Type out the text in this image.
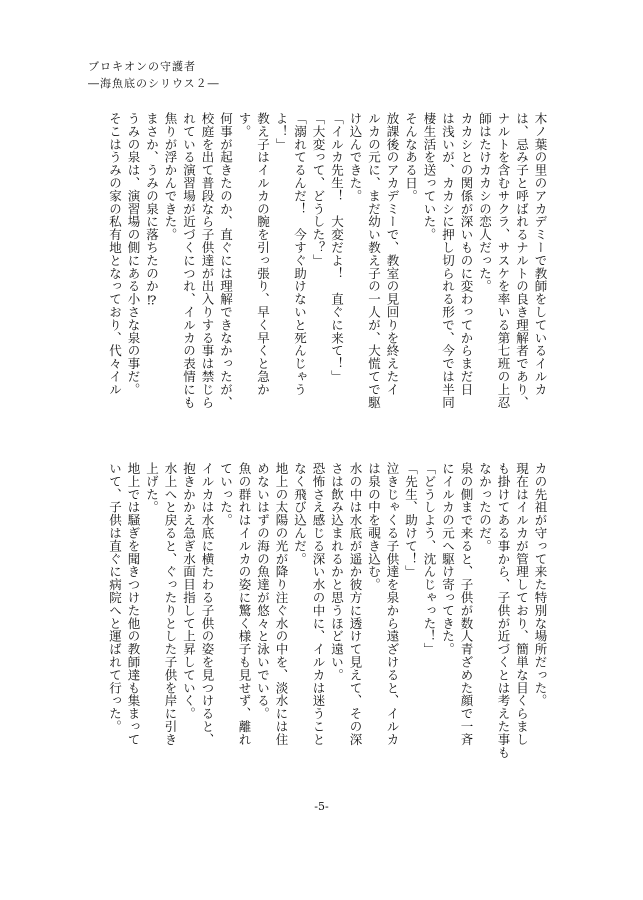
ブロキオンの守護者
―海魚底のシリウス２―
木ノ葉の里のアカデミーで教師をしているイルカ
は、忌み子と呼ばれるナルトの良き理解者であり、
ナルトを含むサクラ、サスケを率いる第七班の上忍
師はたけカカシの恋人だった。
カカシとの関係が深いものに変わってからまだ日
は浅いが、カカシに押し切られる形で、今では半同
棲生活を送っていた。
そんなある日。
放課後のアカデミーで、教室の見回りを終えたイ
ルカの元に、まだ幼い教え子の一人が、大慌てで駆
け込んできた。
「イルカ先生！　大変だよ！　直ぐに来て！」
「大変って、どうした？」
「溺れてるんだ！　今すぐ助けないと死んじゃう
よ！」
教え子はイルカの腕を引っ張り、早く早くと急か
す。
何事が起きたのか、直ぐには理解できなかったが、
校庭を出て普段なら子供達が出入りする事は禁じら
れている演習場が近づくにつれ、イルカの表情にも
焦りが浮かんできた。
まさか、うみの泉に落ちたのか⁉
うみの泉は、演習場の側にある小さな泉の事だ。
そこはうみの家の私有地となっており、代々イル
カの先祖が守って来た特別な場所だった。
現在はイルカが管理しており、簡単な目くらまし
も掛けてある事から、子供が近づくとは考えた事も
なかったのだ。
泉の側まで来ると、子供が数人青ざめた顔で一斉
にイルカの元へ駆け寄ってきた。
「どうしよう、沈んじゃった！」
「先生、助けて！」
泣きじゃくる子供達を泉から遠ざけると、イルカ
は泉の中を覗き込む。
水の中は水底が遥か彼方に透けて見えて、その深
さは飲み込まれるかと思うほど遠い。
恐怖さえ感じる深い水の中に、イルカは迷うこと
なく飛び込んだ。
地上の太陽の光が降り注ぐ水の中を、淡水には住
めないはずの海の魚達が悠々と泳いでいる。
魚の群れはイルカの姿に驚く様子も見せず、離れ
ていった。
イルカは水底に横たわる子供の姿を見つけると、
抱きかかえ急ぎ水面目指して上昇していく。
水上へと戻ると、ぐったりとした子供を岸に引き
上げた。
地上では騒ぎを聞きつけた他の教師達も集まって
いて、子供は直ぐに病院へと運ばれて行った。
-5-
